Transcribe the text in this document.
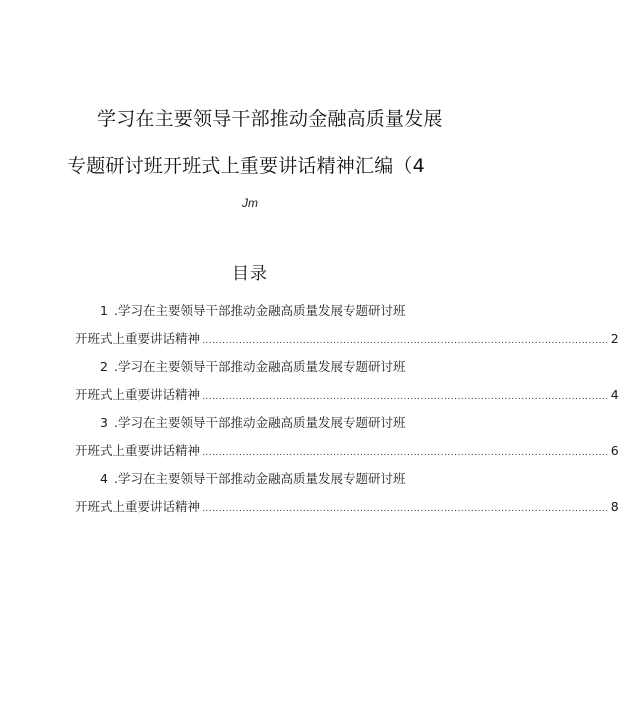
学习在主要领导干部推动金融高质量发展
专题研讨班开班式上重要讲话精神汇编（4
Jm
目录
1 .学习在主要领导干部推动金融高质量发展专题研讨班
开班式上重要讲话精神 ......................................................................................................................... 2
2 .学习在主要领导干部推动金融高质量发展专题研讨班
开班式上重要讲话精神 ......................................................................................................................... 4
3 .学习在主要领导干部推动金融高质量发展专题研讨班
开班式上重要讲话精神 ......................................................................................................................... 6
4 .学习在主要领导干部推动金融高质量发展专题研讨班
开班式上重要讲话精神 ......................................................................................................................... 8
